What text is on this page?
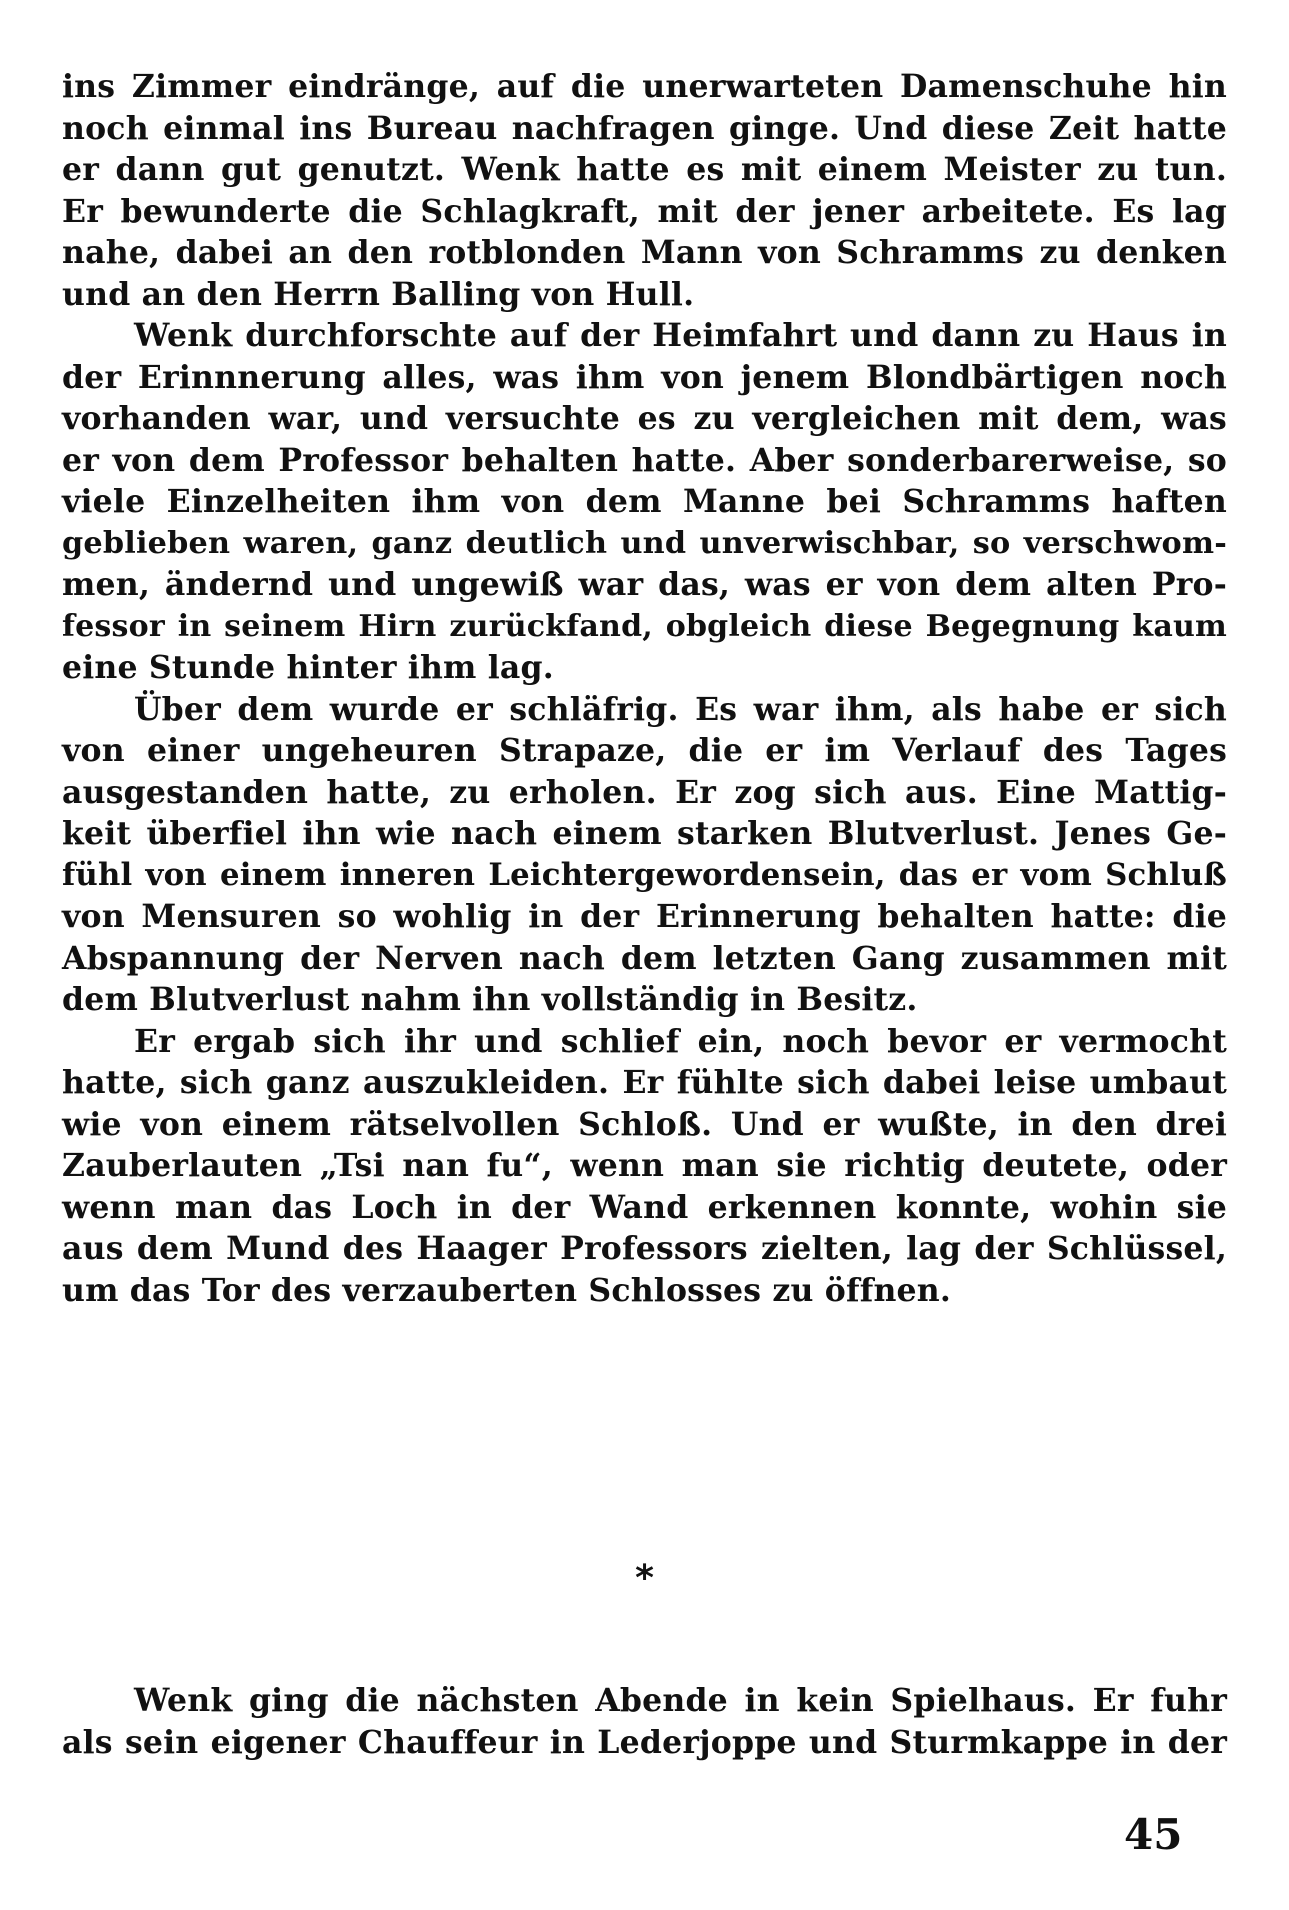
ins Zimmer eindränge, auf die unerwarteten Damenschuhe hin
noch einmal ins Bureau nachfragen ginge. Und diese Zeit hatte
er dann gut genutzt. Wenk hatte es mit einem Meister zu tun.
Er bewunderte die Schlagkraft, mit der jener arbeitete. Es lag
nahe, dabei an den rotblonden Mann von Schramms zu denken
und an den Herrn Balling von Hull.
Wenk durchforschte auf der Heimfahrt und dann zu Haus in
der Erinnnerung alles, was ihm von jenem Blondbärtigen noch
vorhanden war, und versuchte es zu vergleichen mit dem, was
er von dem Professor behalten hatte. Aber sonderbarerweise, so
viele Einzelheiten ihm von dem Manne bei Schramms haften
geblieben waren, ganz deutlich und unverwischbar, so verschwom-
men, ändernd und ungewiß war das, was er von dem alten Pro-
fessor in seinem Hirn zurückfand, obgleich diese Begegnung kaum
eine Stunde hinter ihm lag.
Über dem wurde er schläfrig. Es war ihm, als habe er sich
von einer ungeheuren Strapaze, die er im Verlauf des Tages
ausgestanden hatte, zu erholen. Er zog sich aus. Eine Mattig-
keit überfiel ihn wie nach einem starken Blutverlust. Jenes Ge-
fühl von einem inneren Leichtergewordensein, das er vom Schluß
von Mensuren so wohlig in der Erinnerung behalten hatte: die
Abspannung der Nerven nach dem letzten Gang zusammen mit
dem Blutverlust nahm ihn vollständig in Besitz.
Er ergab sich ihr und schlief ein, noch bevor er vermocht
hatte, sich ganz auszukleiden. Er fühlte sich dabei leise umbaut
wie von einem rätselvollen Schloß. Und er wußte, in den drei
Zauberlauten „Tsi nan fu“, wenn man sie richtig deutete, oder
wenn man das Loch in der Wand erkennen konnte, wohin sie
aus dem Mund des Haager Professors zielten, lag der Schlüssel,
um das Tor des verzauberten Schlosses zu öffnen.
*
Wenk ging die nächsten Abende in kein Spielhaus. Er fuhr
als sein eigener Chauffeur in Lederjoppe und Sturmkappe in der
45
